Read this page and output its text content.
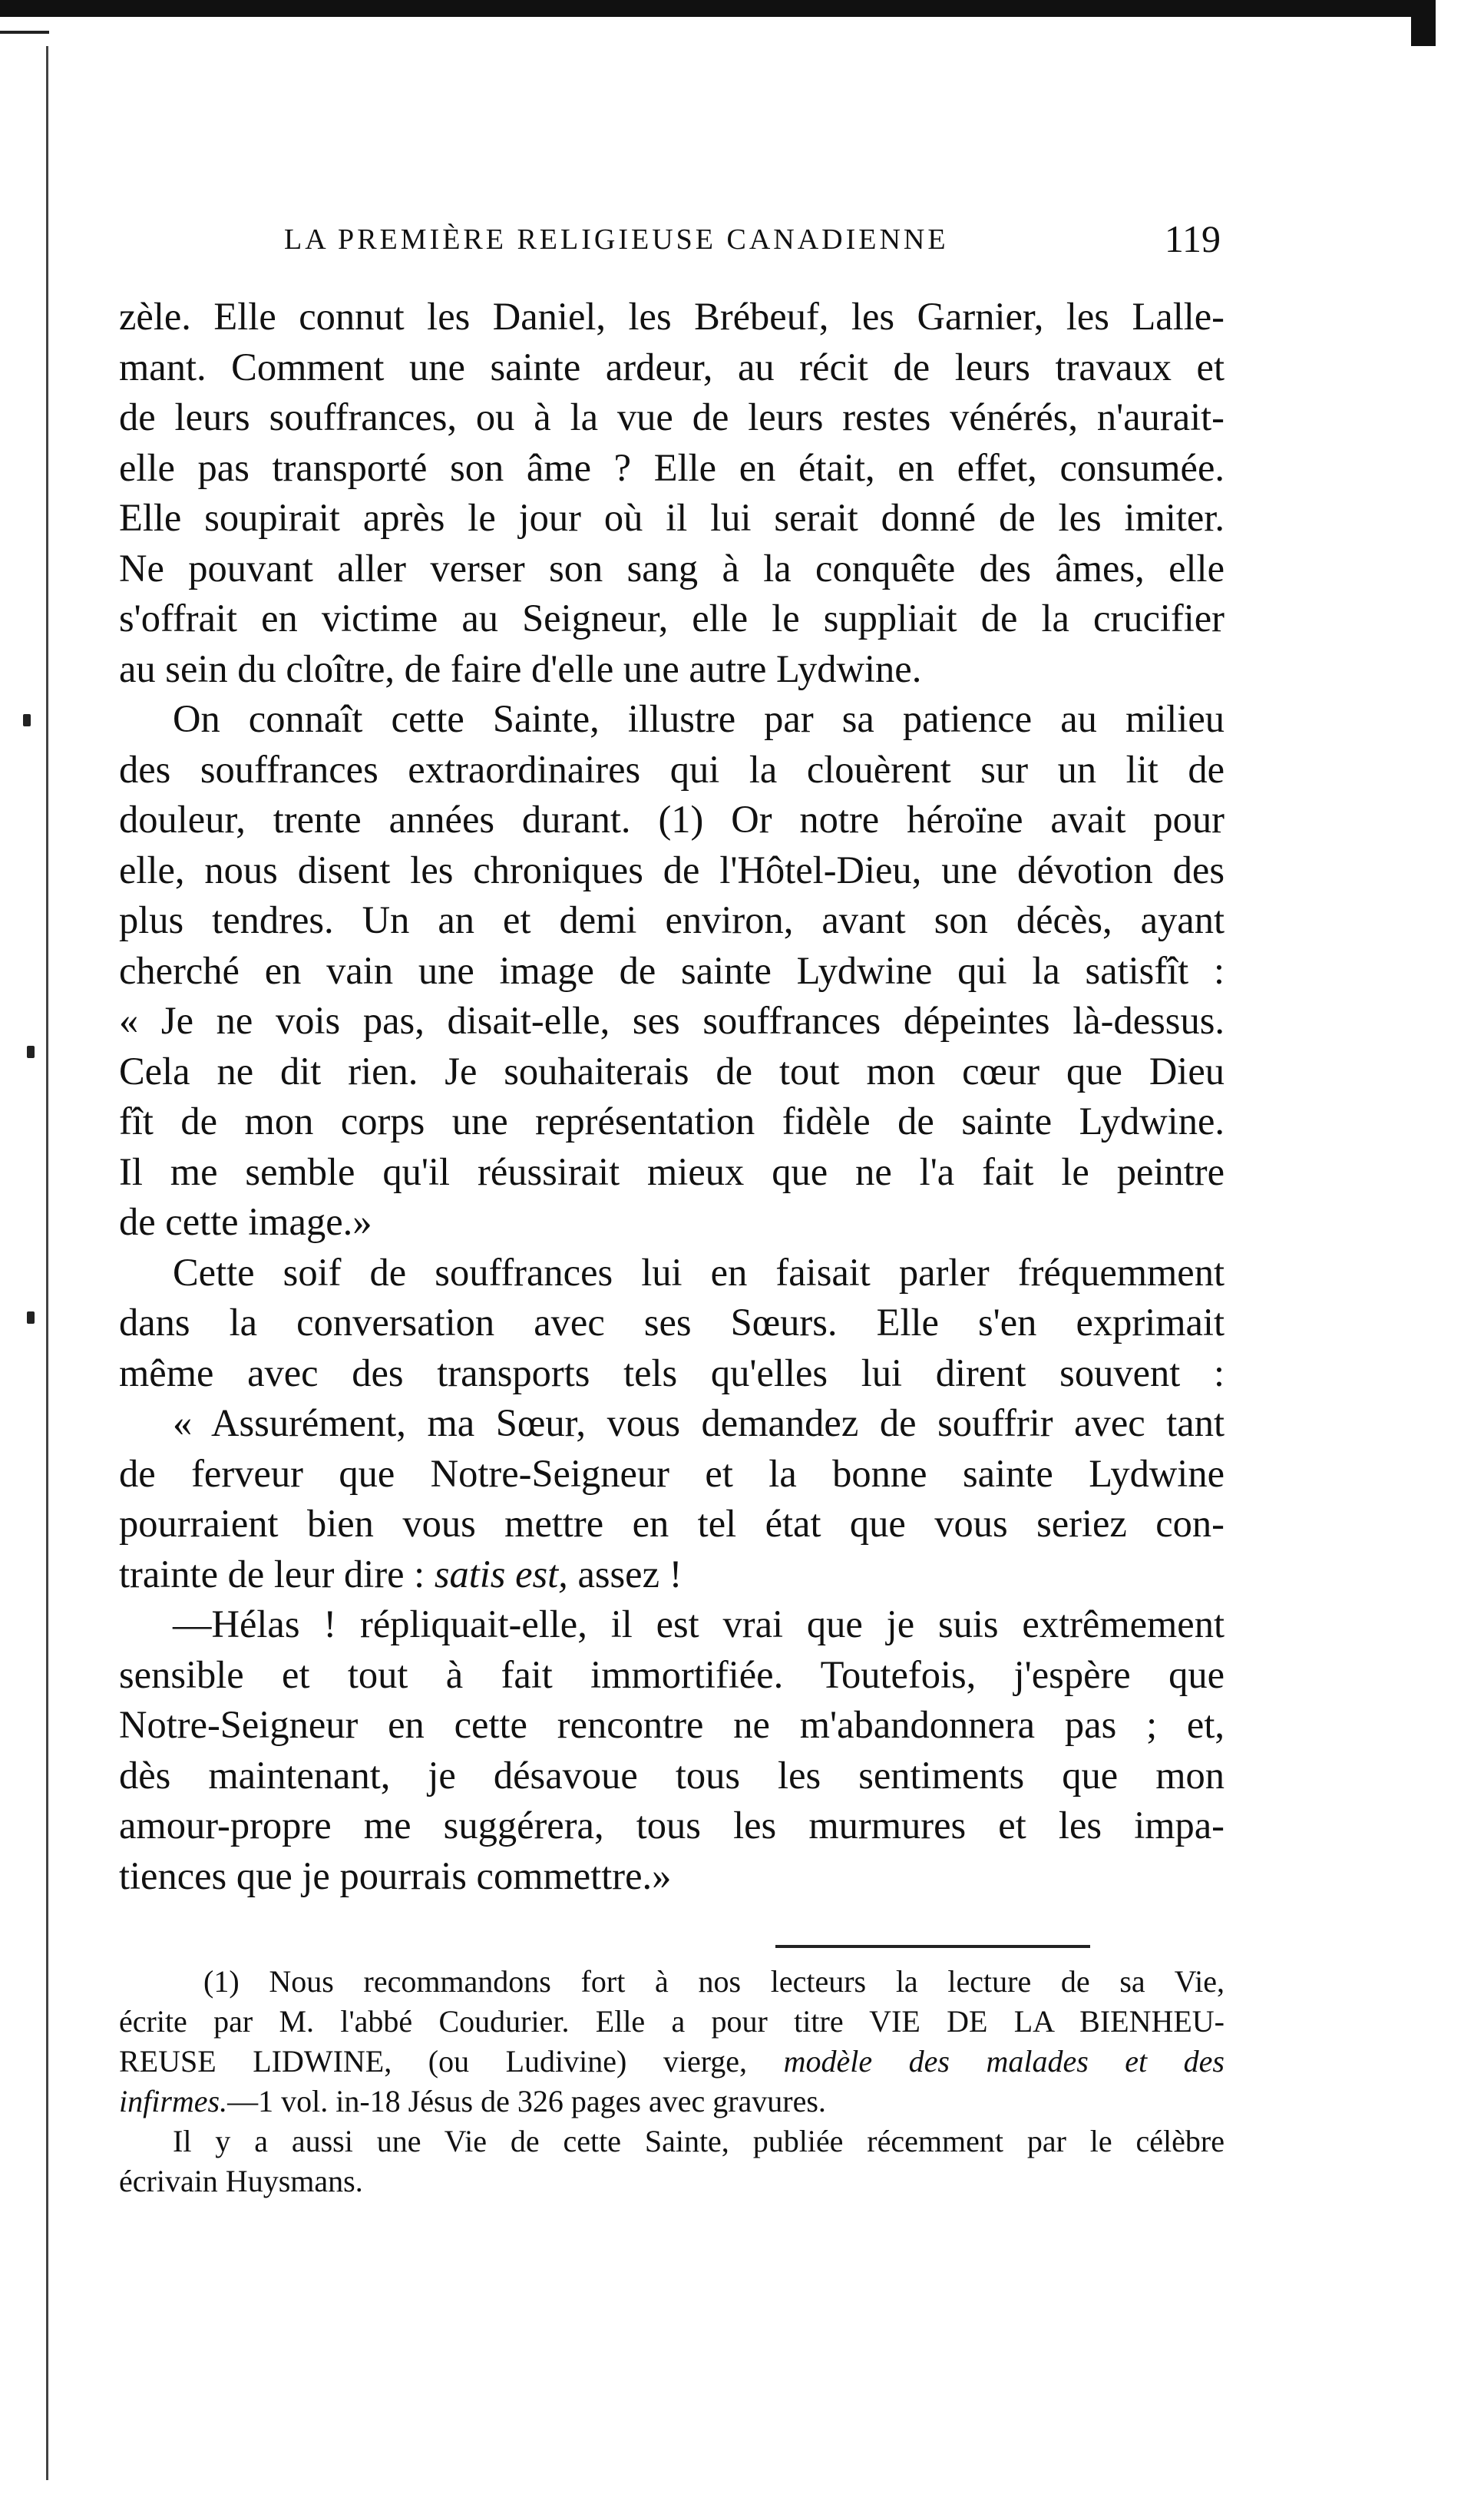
LA PREMIÈRE RELIGIEUSE CANADIENNE	119
zèle. Elle connut les Daniel, les Brébeuf, les Garnier, les Lalle-
mant. Comment une sainte ardeur, au récit de leurs travaux et
de leurs souffrances, ou à la vue de leurs restes vénérés, n'aurait-
elle pas transporté son âme ? Elle en était, en effet, consumée.
Elle soupirait après le jour où il lui serait donné de les imiter.
Ne pouvant aller verser son sang à la conquête des âmes, elle
s'offrait en victime au Seigneur, elle le suppliait de la crucifier
au sein du cloître, de faire d'elle une autre Lydwine.
On connaît cette Sainte, illustre par sa patience au milieu
des souffrances extraordinaires qui la clouèrent sur un lit de
douleur, trente années durant. (1) Or notre héroïne avait pour
elle, nous disent les chroniques de l'Hôtel-Dieu, une dévotion des
plus tendres. Un an et demi environ, avant son décès, ayant
cherché en vain une image de sainte Lydwine qui la satisfît :
« Je ne vois pas, disait-elle, ses souffrances dépeintes là-dessus.
Cela ne dit rien. Je souhaiterais de tout mon cœur que Dieu
fît de mon corps une représentation fidèle de sainte Lydwine.
Il me semble qu'il réussirait mieux que ne l'a fait le peintre
de cette image.»
Cette soif de souffrances lui en faisait parler fréquemment
dans la conversation avec ses Sœurs. Elle s'en exprimait
même avec des transports tels qu'elles lui dirent souvent :
« Assurément, ma Sœur, vous demandez de souffrir avec tant
de ferveur que Notre-Seigneur et la bonne sainte Lydwine
pourraient bien vous mettre en tel état que vous seriez con-
trainte de leur dire : satis est, assez !
—Hélas ! répliquait-elle, il est vrai que je suis extrêmement
sensible et tout à fait immortifiée. Toutefois, j'espère que
Notre-Seigneur en cette rencontre ne m'abandonnera pas ; et,
dès maintenant, je désavoue tous les sentiments que mon
amour-propre me suggérera, tous les murmures et les impa-
tiences que je pourrais commettre.»
(1) Nous recommandons fort à nos lecteurs la lecture de sa Vie,
écrite par M. l'abbé Coudurier. Elle a pour titre VIE DE LA BIENHEU-
REUSE LIDWINE, (ou Ludivine) vierge, modèle des malades et des
infirmes.—1 vol. in-18 Jésus de 326 pages avec gravures.
Il y a aussi une Vie de cette Sainte, publiée récemment par le célèbre
écrivain Huysmans.
